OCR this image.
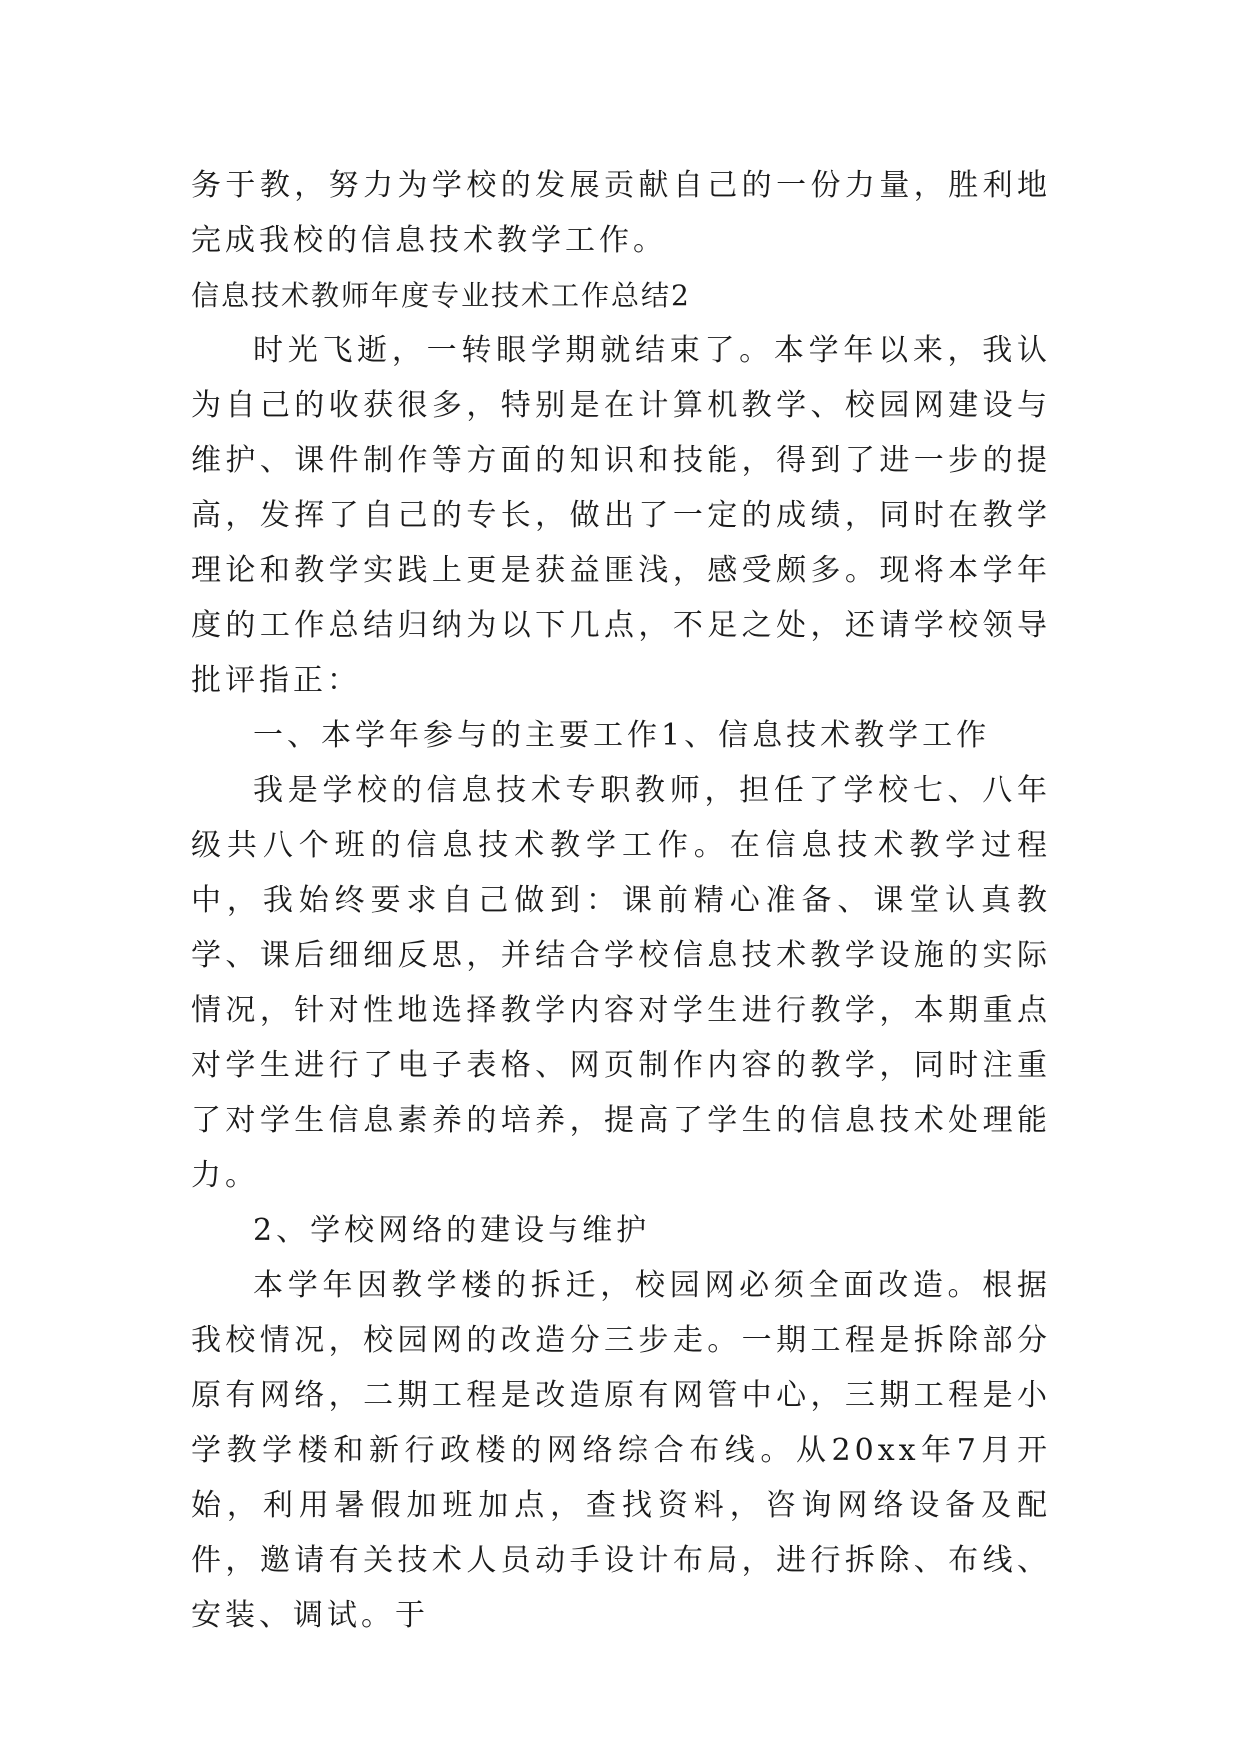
务于教，努力为学校的发展贡献自己的一份力量，胜利地完成我校的信息技术教学工作。

信息技术教师年度专业技术工作总结2

时光飞逝，一转眼学期就结束了。本学年以来，我认为自己的收获很多，特别是在计算机教学、校园网建设与维护、课件制作等方面的知识和技能，得到了进一步的提高，发挥了自己的专长，做出了一定的成绩，同时在教学理论和教学实践上更是获益匪浅，感受颇多。现将本学年度的工作总结归纳为以下几点，不足之处，还请学校领导批评指正：

一、本学年参与的主要工作1、信息技术教学工作

我是学校的信息技术专职教师，担任了学校七、八年级共八个班的信息技术教学工作。在信息技术教学过程中，我始终要求自己做到：课前精心准备、课堂认真教学、课后细细反思，并结合学校信息技术教学设施的实际情况，针对性地选择教学内容对学生进行教学，本期重点对学生进行了电子表格、网页制作内容的教学，同时注重了对学生信息素养的培养，提高了学生的信息技术处理能力。

2、学校网络的建设与维护

本学年因教学楼的拆迁，校园网必须全面改造。根据我校情况，校园网的改造分三步走。一期工程是拆除部分原有网络，二期工程是改造原有网管中心，三期工程是小学教学楼和新行政楼的网络综合布线。从20xx年7月开始，利用暑假加班加点，查找资料，咨询网络设备及配件，邀请有关技术人员动手设计布局，进行拆除、布线、安装、调试。于
